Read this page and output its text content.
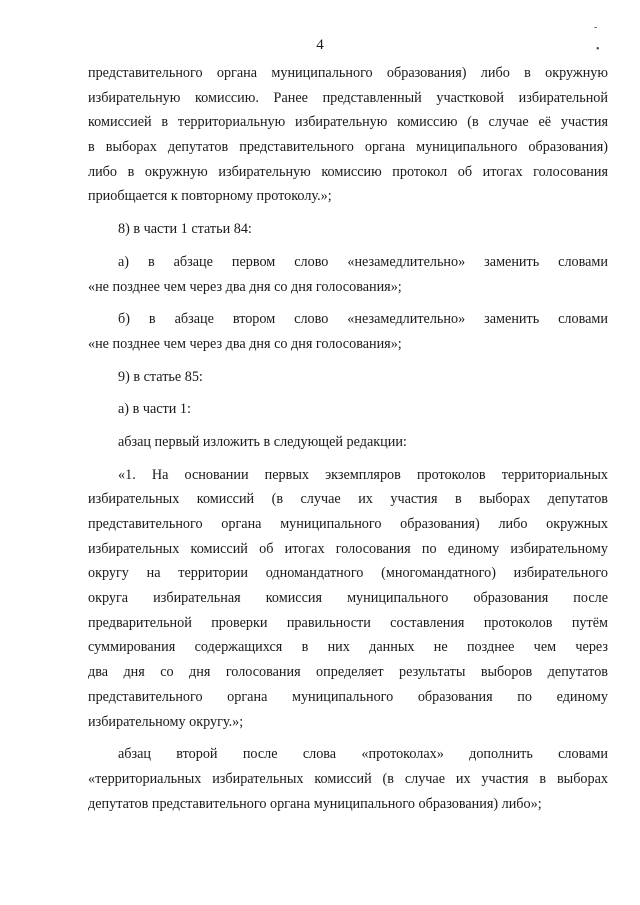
-
•
4
представительного органа муниципального образования) либо в окружную
избирательную комиссию. Ранее представленный участковой избирательной
комиссией в территориальную избирательную комиссию (в случае её участия
в выборах депутатов представительного органа муниципального образования)
либо в окружную избирательную комиссию протокол об итогах голосования
приобщается к повторному протоколу.»;
8) в части 1 статьи 84:
а) в абзаце первом слово «незамедлительно» заменить словами
«не позднее чем через два дня со дня голосования»;
б) в абзаце втором слово «незамедлительно» заменить словами
«не позднее чем через два дня со дня голосования»;
9) в статье 85:
а) в части 1:
абзац первый изложить в следующей редакции:
«1. На основании первых экземпляров протоколов территориальных
избирательных комиссий (в случае их участия в выборах депутатов
представительного органа муниципального образования) либо окружных
избирательных комиссий об итогах голосования по единому избирательному
округу на территории одномандатного (многомандатного) избирательного
округа избирательная комиссия муниципального образования после
предварительной проверки правильности составления протоколов путём
суммирования содержащихся в них данных не позднее чем через
два дня со дня голосования определяет результаты выборов депутатов
представительного органа муниципального образования по единому
избирательному округу.»;
абзац второй после слова «протоколах» дополнить словами
«территориальных избирательных комиссий (в случае их участия в выборах
депутатов представительного органа муниципального образования) либо»;
